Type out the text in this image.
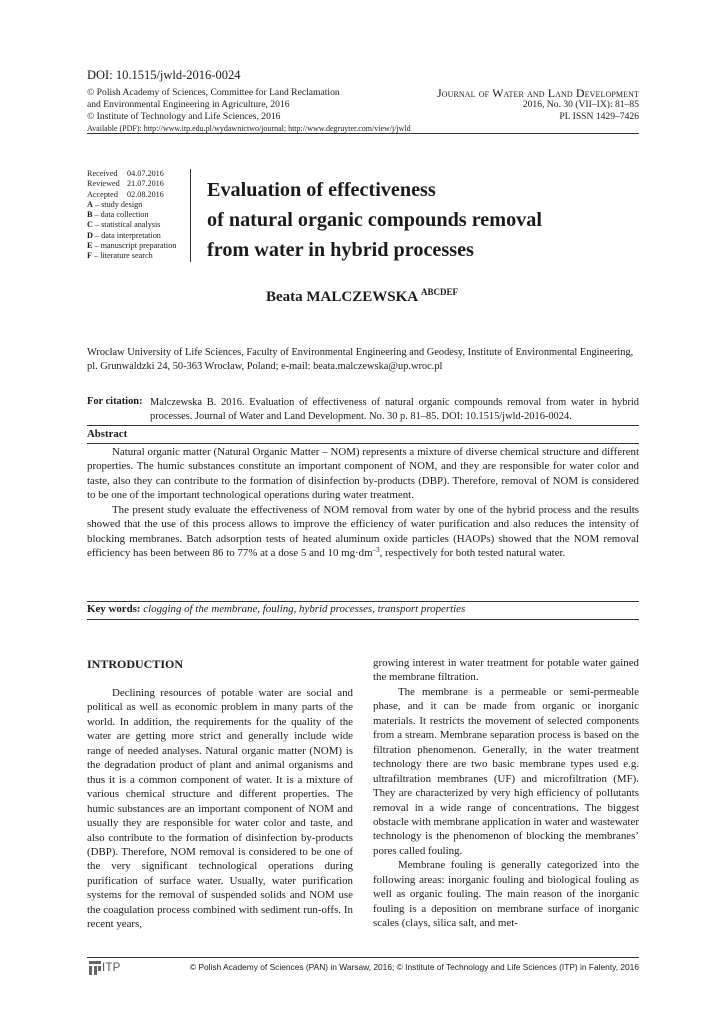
DOI: 10.1515/jwld-2016-0024
© Polish Academy of Sciences, Committee for Land Reclamation
and Environmental Engineering in Agriculture, 2016
© Institute of Technology and Life Sciences, 2016
Journal of Water and Land Development
2016, No. 30 (VII–IX): 81–85
PL ISSN 1429–7426
Available (PDF): http://www.itp.edu.pl/wydawnictwo/journal; http://www.degruyter.com/view/j/jwld
Received 04.07.2016
Reviewed 21.07.2016
Accepted 02.08.2016
A – study design
B – data collection
C – statistical analysis
D – data interpretation
E – manuscript preparation
F – literature search
Evaluation of effectiveness
of natural organic compounds removal
from water in hybrid processes
Beata MALCZEWSKA $^{ABCDEF}$
Wrocław University of Life Sciences, Faculty of Environmental Engineering and Geodesy, Institute of Environmental Engineering, pl. Grunwaldzki 24, 50-363 Wrocław, Poland; e-mail: beata.malczewska@up.wroc.pl
For citation: Malczewska B. 2016. Evaluation of effectiveness of natural organic compounds removal from water in hybrid processes. Journal of Water and Land Development. No. 30 p. 81–85. DOI: 10.1515/jwld-2016-0024.
Abstract

Natural organic matter (Natural Organic Matter – NOM) represents a mixture of diverse chemical structure and different properties. The humic substances constitute an important component of NOM, and they are responsible for water color and taste, also they can contribute to the formation of disinfection by-products (DBP). Therefore, removal of NOM is considered to be one of the important technological operations during water treatment.

The present study evaluate the effectiveness of NOM removal from water by one of the hybrid process and the results showed that the use of this process allows to improve the efficiency of water purification and also reduces the intensity of blocking membranes. Batch adsorption tests of heated aluminum oxide particles (HAOPs) showed that the NOM removal efficiency has been between 86 to 77% at a dose 5 and 10 $mg\cdot dm^{-3}$, respectively for both tested natural water.

Key words: clogging of the membrane, fouling, hybrid processes, transport properties
INTRODUCTION

Declining resources of potable water are social and political as well as economic problem in many parts of the world. In addition, the requirements for the quality of the water are getting more strict and generally include wide range of needed analyses. Natural organic matter (NOM) is the degradation product of plant and animal organisms and thus it is a common component of water. It is a mixture of various chemical structure and different properties. The humic substances are an important component of NOM and usually they are responsible for water color and taste, and also contribute to the formation of disinfection by-products (DBP). Therefore, NOM removal is considered to be one of the very significant technological operations during purification of surface water. Usually, water purification systems for the removal of suspended solids and NOM use the coagulation process combined with sediment run-offs. In recent years,

growing interest in water treatment for potable water gained the membrane filtration.

The membrane is a permeable or semi-permeable phase, and it can be made from organic or inorganic materials. It restricts the movement of selected components from a stream. Membrane separation process is based on the filtration phenomenon. Generally, in the water treatment technology there are two basic membrane types used e.g. ultrafiltration membranes (UF) and microfiltration (MF). They are characterized by very high efficiency of pollutants removal in a wide range of concentrations. The biggest obstacle with membrane application in water and wastewater technology is the phenomenon of blocking the membranes’ pores called fouling.

Membrane fouling is generally categorized into the following areas: inorganic fouling and biological fouling as well as organic fouling. The main reason of the inorganic fouling is a deposition on membrane surface of inorganic scales (clays, silica salt, and met-

ITP	© Polish Academy of Sciences (PAN) in Warsaw, 2016; © Institute of Technology and Life Sciences (ITP) in Falenty, 2016
